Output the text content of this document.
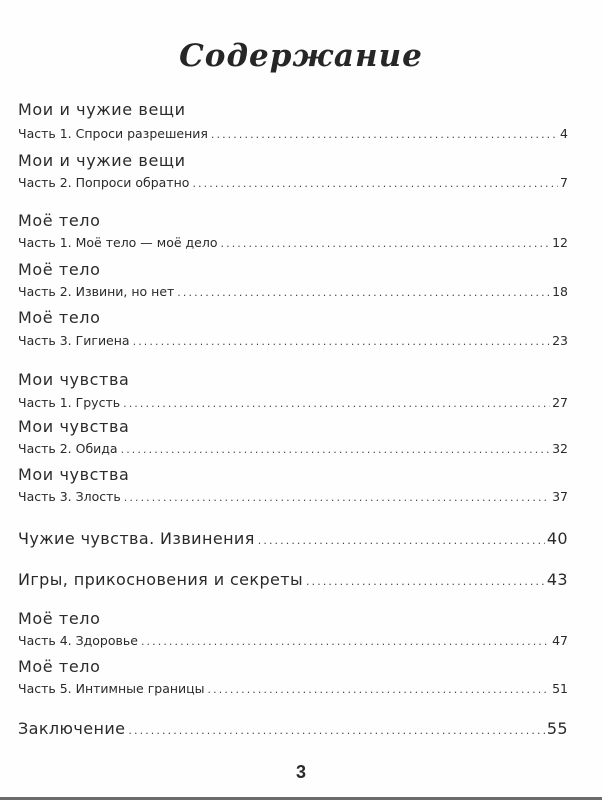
Содержание
Мои и чужие вещи
Часть 1. Спроси разрешения .....	4
Мои и чужие вещи
Часть 2. Попроси обратно .....	7
Моё тело
Часть 1. Моё тело — моё дело .....	12
Моё тело
Часть 2. Извини, но нет .....	18
Моё тело
Часть 3. Гигиена .....	23
Мои чувства
Часть 1. Грусть .....	27
Мои чувства
Часть 2. Обида .....	32
Мои чувства
Часть 3. Злость .....	37
Чужие чувства. Извинения .....	40
Игры, прикосновения и секреты .....	43
Моё тело
Часть 4. Здоровье .....	47
Моё тело
Часть 5. Интимные границы .....	51
Заключение .....	55
3
